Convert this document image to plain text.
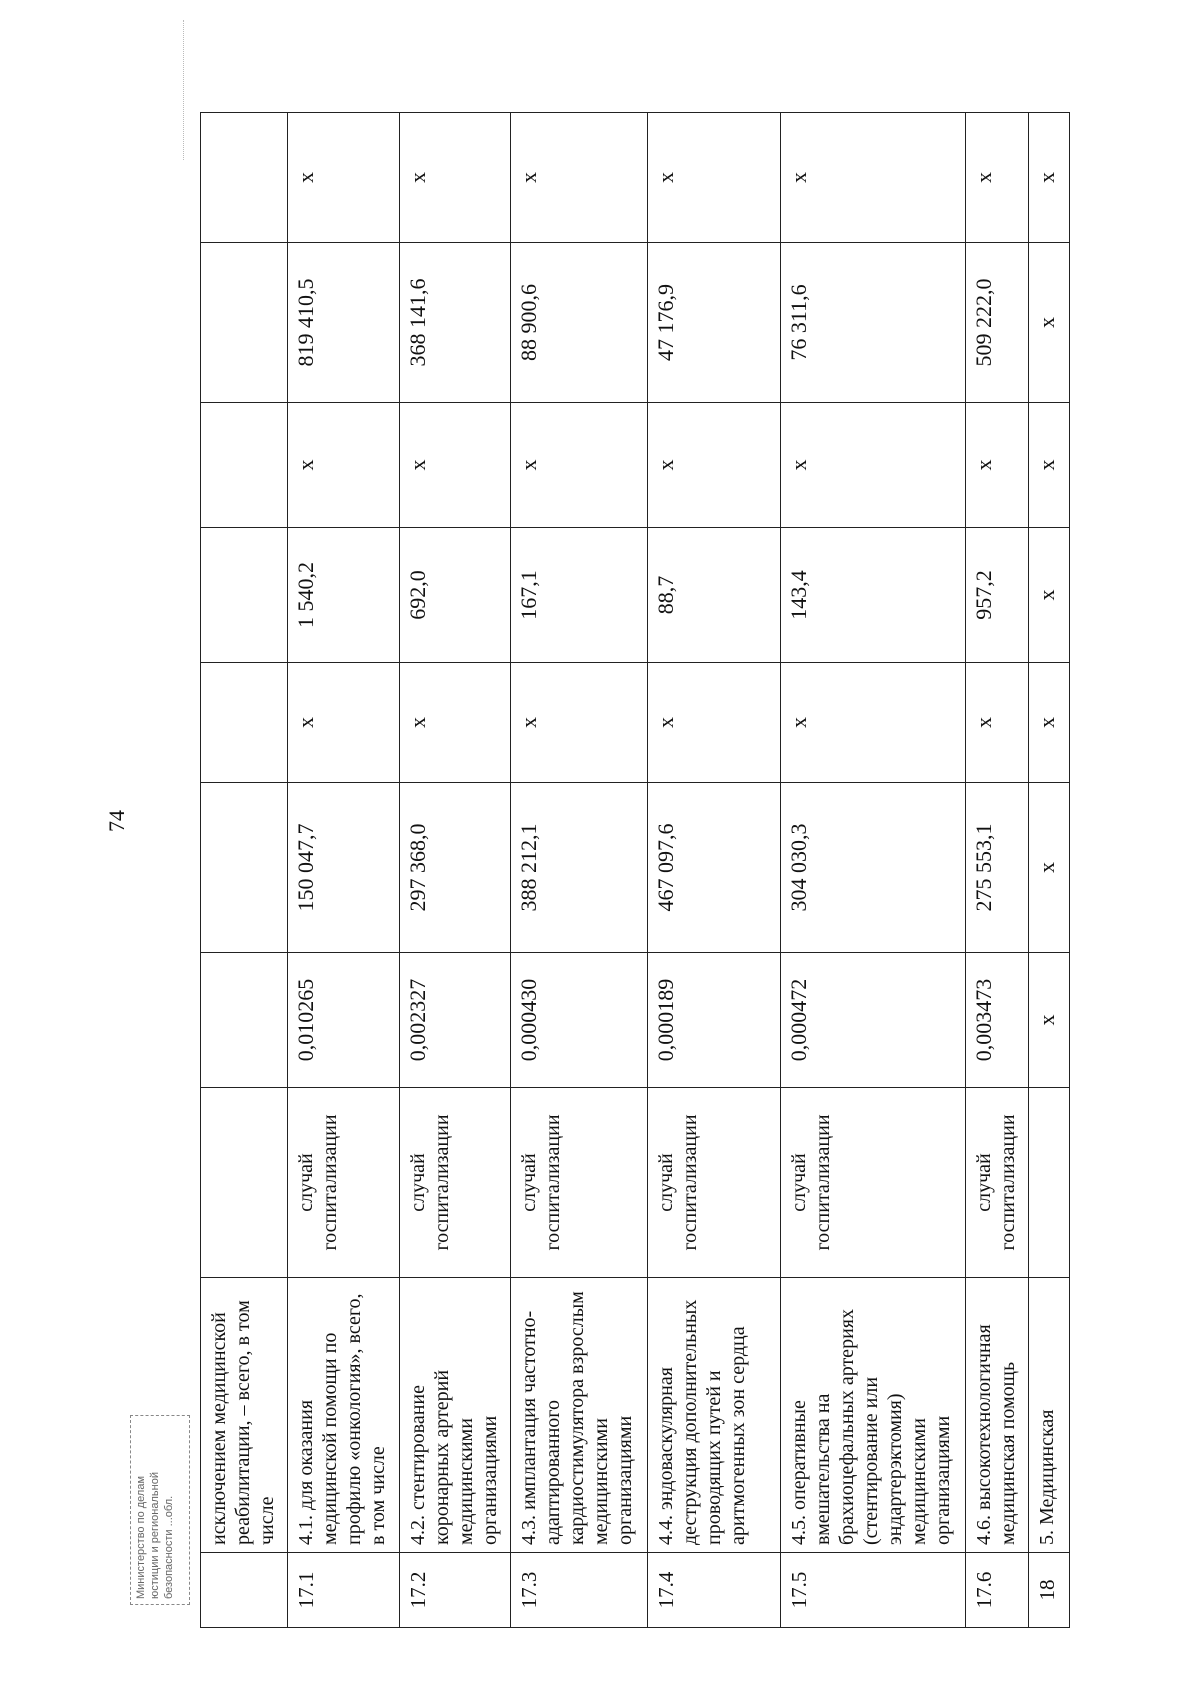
74
	исключением медицинской реабилитации, – всего, в том числе								
17.1	4.1. для оказания медицинской помощи по профилю «онкология», всего, в том числе	случай госпитализации	0,010265	150 047,7	х	1 540,2	х	819 410,5	х
17.2	4.2. стентирование коронарных артерий медицинскими организациями	случай госпитализации	0,002327	297 368,0	х	692,0	х	368 141,6	х
17.3	4.3. имплантация частотно-адаптированного кардиостимулятора взрослым медицинскими организациями	случай госпитализации	0,000430	388 212,1	х	167,1	х	88 900,6	х
17.4	4.4. эндоваскулярная деструкция дополнительных проводящих путей и аритмогенных зон сердца	случай госпитализации	0,000189	467 097,6	х	88,7	х	47 176,9	х
17.5	4.5. оперативные вмешательства на брахиоцефальных артериях (стентирование или эндартерэктомия) медицинскими организациями	случай госпитализации	0,000472	304 030,3	х	143,4	х	76 311,6	х
17.6	4.6. высокотехнологичная медицинская помощь	случай госпитализации	0,003473	275 553,1	х	957,2	х	509 222,0	х
18	5. Медицинская		х	х	х	х	х	х	х
Министерство по делам юстиции и региональной безопасности ...обл.
